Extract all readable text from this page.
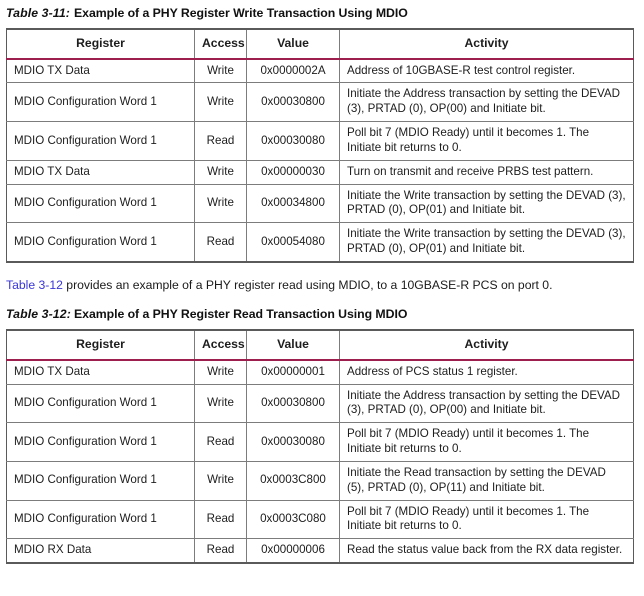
Table 3-11: Example of a PHY Register Write Transaction Using MDIO
Register	Access	Value	Activity
MDIO TX Data	Write	0x0000002A	Address of 10GBASE-R test control register.
MDIO Configuration Word 1	Write	0x00030800	Initiate the Address transaction by setting the DEVAD (3), PRTAD (0), OP(00) and Initiate bit.
MDIO Configuration Word 1	Read	0x00030080	Poll bit 7 (MDIO Ready) until it becomes 1. The Initiate bit returns to 0.
MDIO TX Data	Write	0x00000030	Turn on transmit and receive PRBS test pattern.
MDIO Configuration Word 1	Write	0x00034800	Initiate the Write transaction by setting the DEVAD (3), PRTAD (0), OP(01) and Initiate bit.
MDIO Configuration Word 1	Read	0x00054080	Initiate the Write transaction by setting the DEVAD (3), PRTAD (0), OP(01) and Initiate bit.
Table 3-12 provides an example of a PHY register read using MDIO, to a 10GBASE-R PCS on port 0.
Table 3-12: Example of a PHY Register Read Transaction Using MDIO
Register	Access	Value	Activity
MDIO TX Data	Write	0x00000001	Address of PCS status 1 register.
MDIO Configuration Word 1	Write	0x00030800	Initiate the Address transaction by setting the DEVAD (3), PRTAD (0), OP(00) and Initiate bit.
MDIO Configuration Word 1	Read	0x00030080	Poll bit 7 (MDIO Ready) until it becomes 1. The Initiate bit returns to 0.
MDIO Configuration Word 1	Write	0x0003C800	Initiate the Read transaction by setting the DEVAD (5), PRTAD (0), OP(11) and Initiate bit.
MDIO Configuration Word 1	Read	0x0003C080	Poll bit 7 (MDIO Ready) until it becomes 1. The Initiate bit returns to 0.
MDIO RX Data	Read	0x00000006	Read the status value back from the RX data register.
